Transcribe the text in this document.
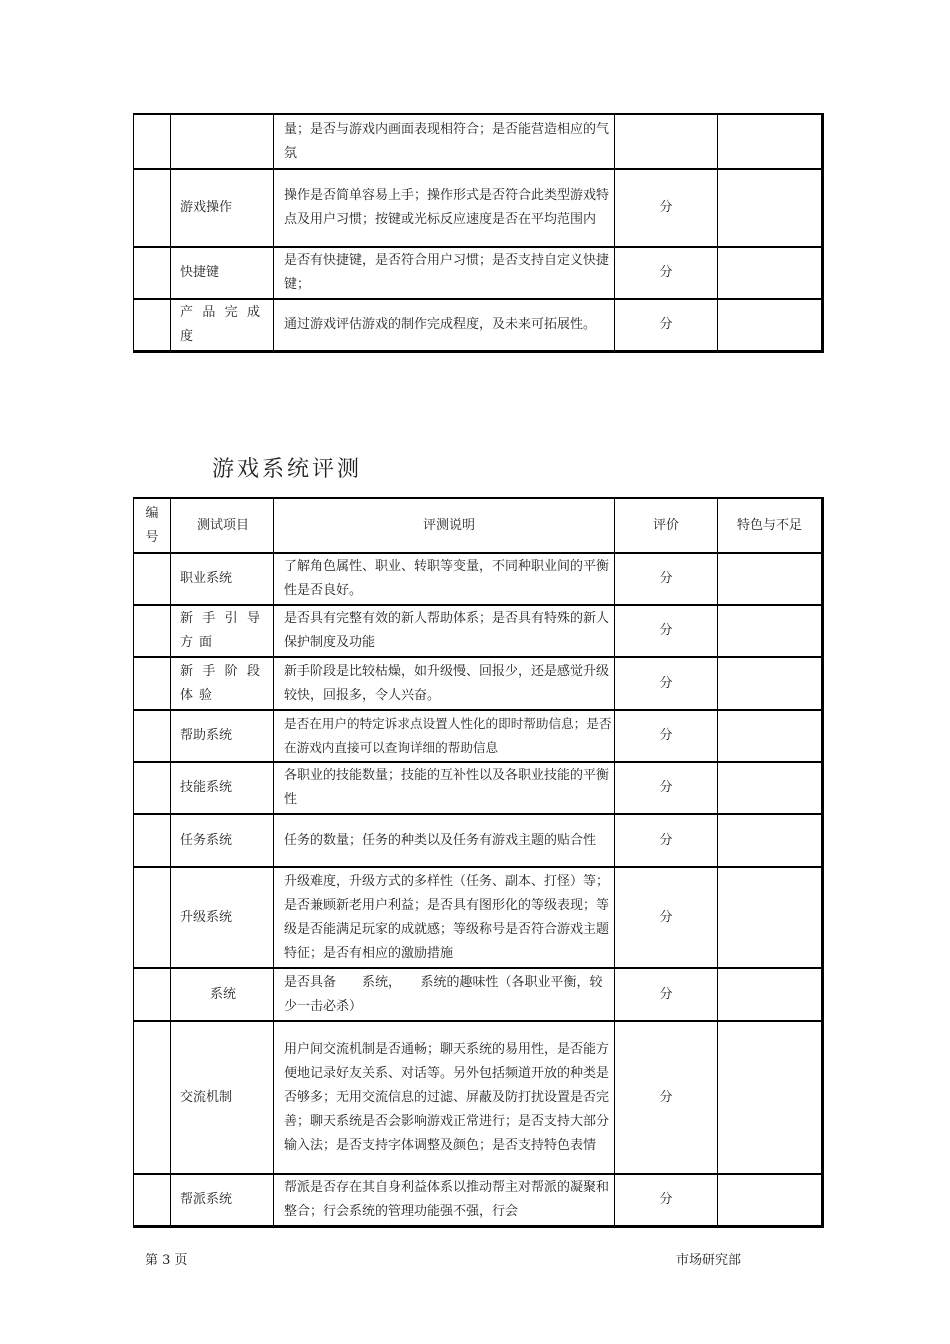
		量；是否与游戏内画面表现相符合；是否能营造相应的气氛		
	游戏操作	操作是否简单容易上手；操作形式是否符合此类型游戏特点及用户习惯；按键或光标反应速度是否在平均范围内	分	
	快捷键	是否有快捷键，是否符合用户习惯；是否支持自定义快捷键；	分	
	产品完成度	通过游戏评估游戏的制作完成程度，及未来可拓展性。	分	
游戏系统评测
编号	测试项目	评测说明	评价	特色与不足
	职业系统	了解角色属性、职业、转职等变量，不同种职业间的平衡性是否良好。	分	
	新手引导方面	是否具有完整有效的新人帮助体系；是否具有特殊的新人保护制度及功能	分	
	新手阶段体验	新手阶段是比较枯燥，如升级慢、回报少，还是感觉升级较快，回报多，令人兴奋。	分	
	帮助系统	是否在用户的特定诉求点设置人性化的即时帮助信息；是否在游戏内直接可以查询详细的帮助信息	分	
	技能系统	各职业的技能数量；技能的互补性以及各职业技能的平衡性	分	
	任务系统	任务的数量；任务的种类以及任务有游戏主题的贴合性	分	
	升级系统	升级难度，升级方式的多样性（任务、副本、打怪）等；是否兼顾新老用户利益；是否具有图形化的等级表现；等级是否能满足玩家的成就感；等级称号是否符合游戏主题特征；是否有相应的激励措施	分	
	系统	是否具备　　系统，　　系统的趣味性（各职业平衡，较少一击必杀）	分	
	交流机制	用户间交流机制是否通畅；聊天系统的易用性，是否能方便地记录好友关系、对话等。另外包括频道开放的种类是否够多；无用交流信息的过滤、屏蔽及防打扰设置是否完善；聊天系统是否会影响游戏正常进行；是否支持大部分输入法；是否支持字体调整及颜色；是否支持特色表情	分	
	帮派系统	帮派是否存在其自身利益体系以推动帮主对帮派的凝聚和整合；行会系统的管理功能强不强，行会	分	
第 3 页	市场研究部
